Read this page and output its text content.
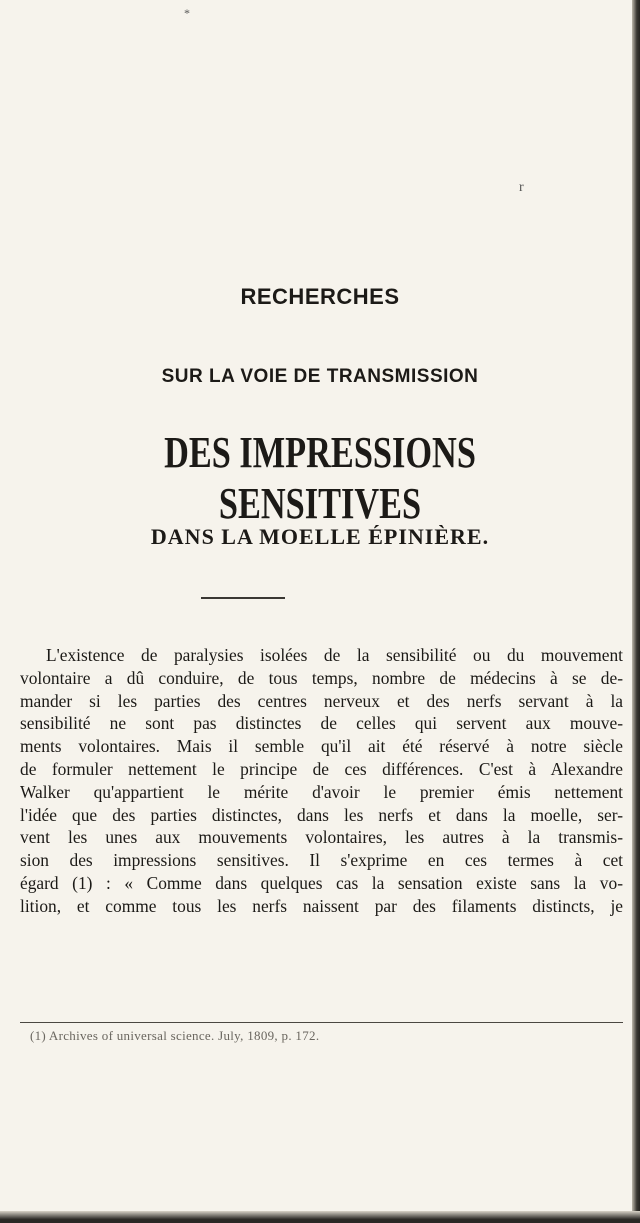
*
r
RECHERCHES
SUR LA VOIE DE TRANSMISSION
DES IMPRESSIONS SENSITIVES
DANS LA MOELLE ÉPINIÈRE.
L'existence de paralysies isolées de la sensibilité ou du mouvement
volontaire a dû conduire, de tous temps, nombre de médecins à se de-
mander si les parties des centres nerveux et des nerfs servant à la
sensibilité ne sont pas distinctes de celles qui servent aux mouve-
ments volontaires. Mais il semble qu'il ait été réservé à notre siècle
de formuler nettement le principe de ces différences. C'est à Alexandre
Walker qu'appartient le mérite d'avoir le premier émis nettement
l'idée que des parties distinctes, dans les nerfs et dans la moelle, ser-
vent les unes aux mouvements volontaires, les autres à la transmis-
sion des impressions sensitives. Il s'exprime en ces termes à cet
égard (1) : « Comme dans quelques cas la sensation existe sans la vo-
lition, et comme tous les nerfs naissent par des filaments distincts, je
(1) Archives of universal science. July, 1809, p. 172.
